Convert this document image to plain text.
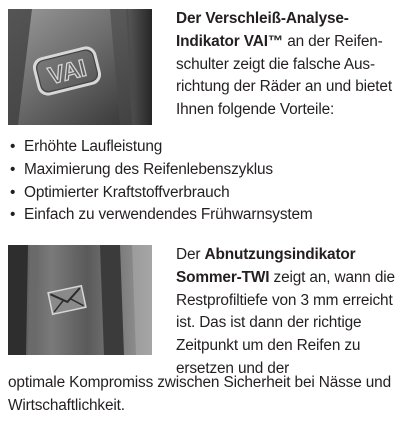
VAI

Der Verschleiß-Analyse-Indikator VAI™ an der Reifenschulter zeigt die falsche Ausrichtung der Räder an und bietet Ihnen folgende Vorteile:

• Erhöhte Laufleistung
• Maximierung des Reifenlebenszyklus
• Optimierter Kraftstoffverbrauch
• Einfach zu verwendendes Frühwarnsystem

Der Abnutzungsindikator Sommer-TWI zeigt an, wann die Restprofiltiefe von 3 mm erreicht ist. Das ist dann der richtige Zeitpunkt um den Reifen zu ersetzen und der

optimale Kompromiss zwischen Sicherheit bei Nässe und Wirtschaftlichkeit.
